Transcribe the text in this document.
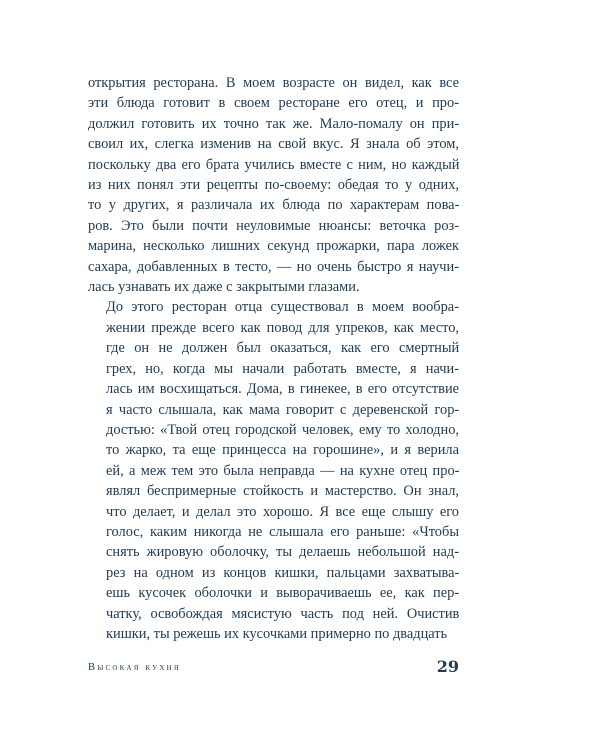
открытия ресторана. В моем возрасте он видел, как все
эти блюда готовит в своем ресторане его отец, и про-
должил готовить их точно так же. Мало-помалу он при-
своил их, слегка изменив на свой вкус. Я знала об этом,
поскольку два его брата учились вместе с ним, но каждый
из них понял эти рецепты по-своему: обедая то у одних,
то у других, я различала их блюда по характерам пова-
ров. Это были почти неуловимые нюансы: веточка роз-
марина, несколько лишних секунд прожарки, пара ложек
сахара, добавленных в тесто, — но очень быстро я научи-
лась узнавать их даже с закрытыми глазами.
До этого ресторан отца существовал в моем вообра-
жении прежде всего как повод для упреков, как место,
где он не должен был оказаться, как его смертный
грех, но, когда мы начали работать вместе, я начи-
лась им восхищаться. Дома, в гинекее, в его отсутствие
я часто слышала, как мама говорит с деревенской гор-
достью: «Твой отец городской человек, ему то холодно,
то жарко, та еще принцесса на горошине», и я верила
ей, а меж тем это была неправда — на кухне отец про-
являл беспримерные стойкость и мастерство. Он знал,
что делает, и делал это хорошо. Я все еще слышу его
голос, каким никогда не слышала его раньше: «Чтобы
снять жировую оболочку, ты делаешь небольшой над-
рез на одном из концов кишки, пальцами захватыва-
ешь кусочек оболочки и выворачиваешь ее, как пер-
чатку, освобождая мясистую часть под ней. Очистив
кишки, ты режешь их кусочками примерно по двадцать
Высокая кухня	29
